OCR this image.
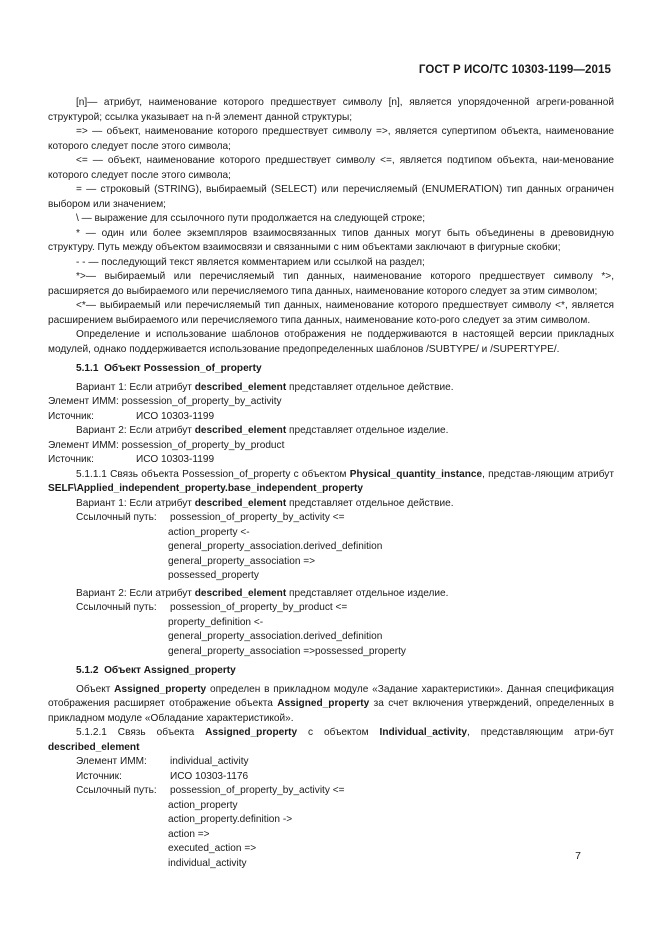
ГОСТ Р ИСО/ТС 10303-1199—2015

[n]— атрибут, наименование которого предшествует символу [n], является упорядоченной агреги-рованной структурой; ссылка указывает на n-й элемент данной структуры;

=> — объект, наименование которого предшествует символу =>, является супертипом объекта, наименование которого следует после этого символа;

<= — объект, наименование которого предшествует символу <=, является подтипом объекта, наи-менование которого следует после этого символа;

= — строковый (STRING), выбираемый (SELECT) или перечисляемый (ENUMERATION) тип данных ограничен выбором или значением;

\ — выражение для ссылочного пути продолжается на следующей строке;

* — один или более экземпляров взаимосвязанных типов данных могут быть объединены в древовидную структуру. Путь между объектом взаимосвязи и связанными с ним объектами заключают в фигурные скобки;

- - — последующий текст является комментарием или ссылкой на раздел;

*>— выбираемый или перечисляемый тип данных, наименование которого предшествует символу *>, расширяется до выбираемого или перечисляемого типа данных, наименование которого следует за этим символом;

<*— выбираемый или перечисляемый тип данных, наименование которого предшествует символу <*, является расширением выбираемого или перечисляемого типа данных, наименование кото-рого следует за этим символом.

Определение и использование шаблонов отображения не поддерживаются в настоящей версии прикладных модулей, однако поддерживается использование предопределенных шаблонов /SUBTYPE/ и /SUPERTYPE/.

5.1.1 Объект Possession_of_property
Вариант 1: Если атрибут described_element представляет отдельное действие.
Элемент ИММ:
possession_of_property_by_activity
Источник:	ИСО 10303-1199
Вариант 2: Если атрибут described_element представляет отдельное изделие.
Элемент ИММ:
possession_of_property_by_product
Источник:	ИСО 10303-1199

5.1.1.1 Связь объекта Possession_of_property с объектом Physical_quantity_instance, представ-ляющим атрибут SELF\Applied_independent_property.base_independent_property

Вариант 1: Если атрибут described_element представляет отдельное действие.
Ссылочный путь:	possession_of_property_by_activity <=
action_property <-
general_property_association.derived_definition
general_property_association =>
possessed_property
Вариант 2: Если атрибут described_element представляет отдельное изделие.
Ссылочный путь:	possession_of_property_by_product <=
property_definition <-
general_property_association.derived_definition
general_property_association =>possessed_property
5.1.2 Объект Assigned_property

Объект Assigned_property определен в прикладном модуле «Задание характеристики». Данная спецификация отображения расширяет отображение объекта Assigned_property за счет включения утверждений, определенных в прикладном модуле «Обладание характеристикой».

5.1.2.1 Связь объекта Assigned_property с объектом Individual_activity, представляющим атри-бут described_element

Элемент ИММ:	individual_activity
Источник:	ИСО 10303-1176
Ссылочный путь:	possession_of_property_by_activity <=
action_property
action_property.definition ->
action =>
executed_action =>
individual_activity
7
